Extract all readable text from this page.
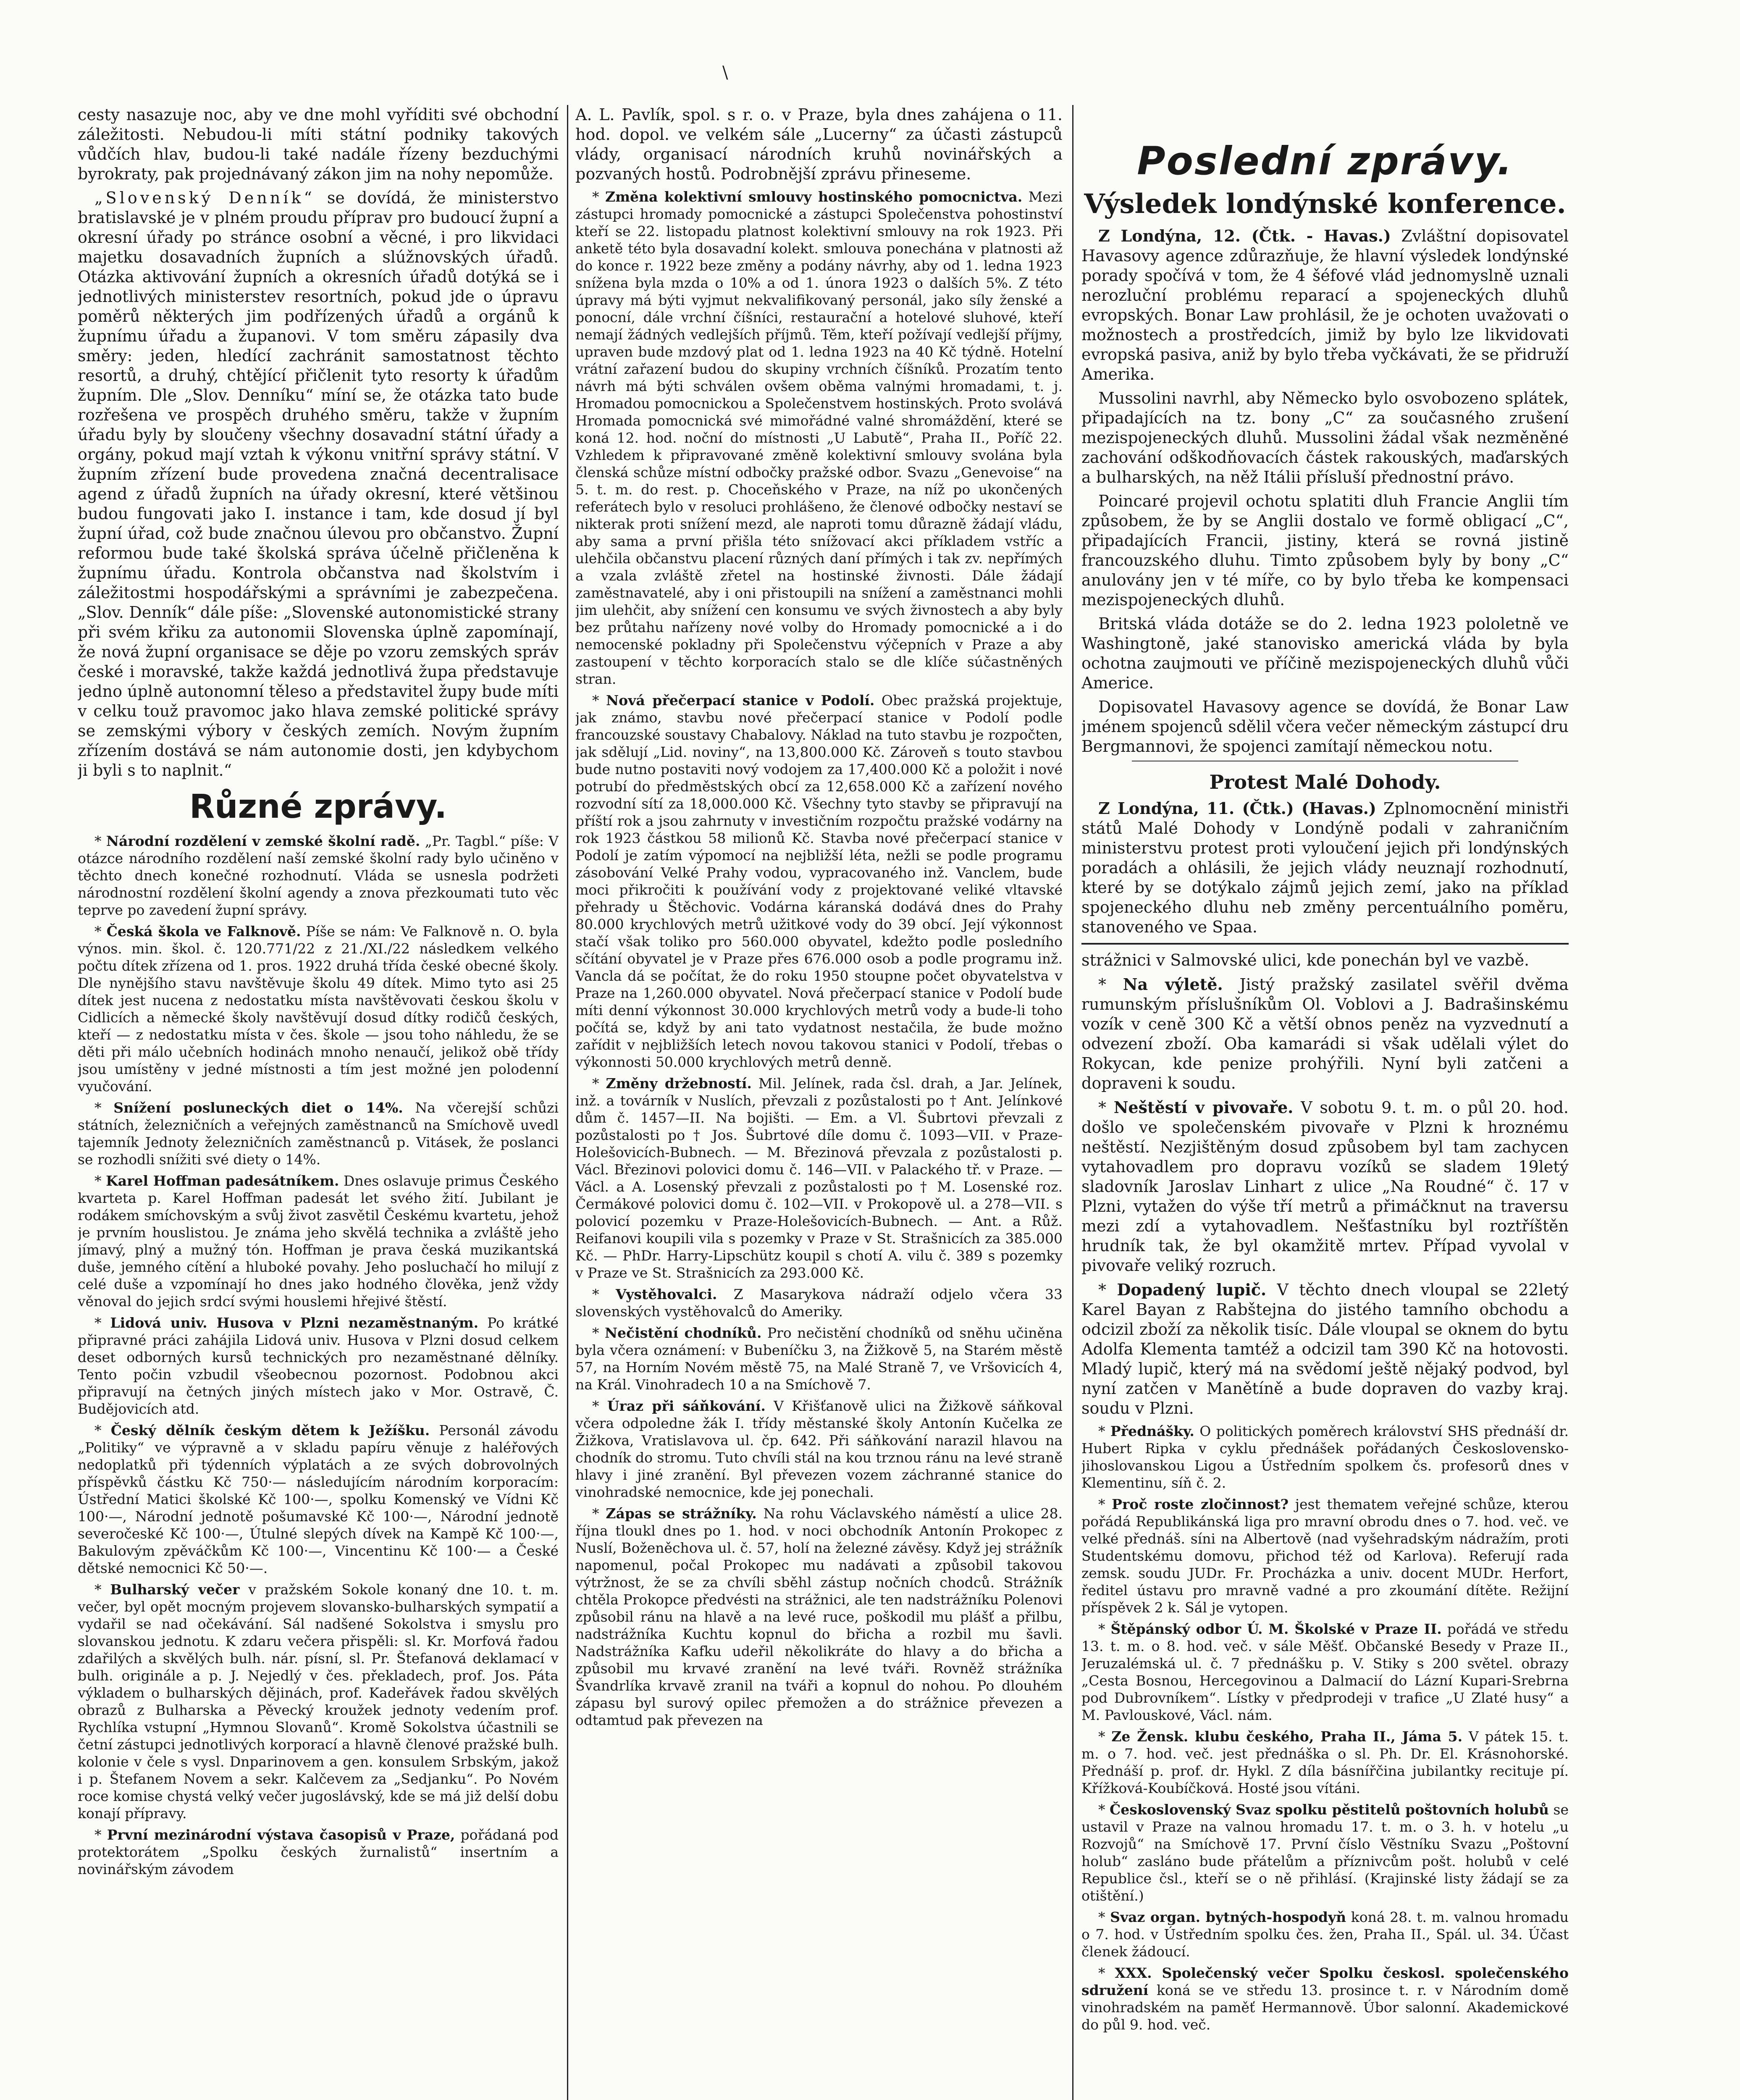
\

cesty nasazuje noc, aby ve dne mohl vyříditi své obchodní záležitosti. Nebudou-li míti státní podniky takových vůdčích hlav, budou-li také nadále řízeny bezduchými byrokraty, pak projednávaný zákon jim na nohy nepomůže.

„Slovenský Denník“ se dovídá, že ministerstvo bratislavské je v plném proudu příprav pro budoucí župní a okresní úřady po stránce osobní a věcné, i pro likvidaci majetku dosavadních župních a slúžnovských úřadů. Otázka aktivování župních a okresních úřadů dotýká se i jednotlivých ministerstev resortních, pokud jde o úpravu poměrů některých jim podřízených úřadů a orgánů k župnímu úřadu a županovi. V tom směru zápasily dva směry: jeden, hledící zachránit samostatnost těchto resortů, a druhý, chtějící přičlenit tyto resorty k úřadům župním. Dle „Slov. Denníku“ míní se, že otázka tato bude rozřešena ve prospěch druhého směru, takže v župním úřadu byly by sloučeny všechny dosavadní státní úřady a orgány, pokud mají vztah k výkonu vnitřní správy státní. V župním zřízení bude provedena značná decentralisace agend z úřadů župních na úřady okresní, které většinou budou fungovati jako I. instance i tam, kde dosud jí byl župní úřad, což bude značnou úlevou pro občanstvo. Župní reformou bude také školská správa účelně přičleněna k župnímu úřadu. Kontrola občanstva nad školstvím i záležitostmi hospodářskými a správními je zabezpečena. „Slov. Denník“ dále píše: „Slovenské autonomistické strany při svém křiku za autonomii Slovenska úplně zapomínají, že nová župní organisace se děje po vzoru zemských správ české i moravské, takže každá jednotlivá župa představuje jedno úplně autonomní těleso a představitel župy bude míti v celku touž pravomoc jako hlava zemské politické správy se zemskými výbory v českých zemích. Novým župním zřízením dostává se nám autonomie dosti, jen kdybychom ji byli s to naplnit.“

Různé zprávy.

* Národní rozdělení v zemské školní radě. „Pr. Tagbl.“ píše: V otázce národního rozdělení naší zemské školní rady bylo učiněno v těchto dnech konečné rozhodnutí. Vláda se usnesla podržeti národnostní rozdělení školní agendy a znova přezkoumati tuto věc teprve po zavedení župní správy.

* Česká škola ve Falknově. Píše se nám: Ve Falknově n. O. byla výnos. min. škol. č. 120.771/22 z 21./XI./22 následkem velkého počtu dítek zřízena od 1. pros. 1922 druhá třída české obecné školy. Dle nynějšího stavu navštěvuje školu 49 dítek. Mimo tyto asi 25 dítek jest nucena z nedostatku místa navštěvovati českou školu v Cidlicích a německé školy navštěvují dosud dítky rodičů českých, kteří — z nedostatku místa v čes. škole — jsou toho náhledu, že se děti při málo učebních hodinách mnoho nenaučí, jelikož obě třídy jsou umístěny v jedné místnosti a tím jest možné jen polodenní vyučování.

* Snížení posluneckých diet o 14%. Na včerejší schůzi státních, železničních a veřejných zaměstnanců na Smíchově uvedl tajemník Jednoty železničních zaměstnanců p. Vitásek, že poslanci se rozhodli snížiti své diety o 14%.

* Karel Hoffman padesátníkem. Dnes oslavuje primus Českého kvarteta p. Karel Hoffman padesát let svého žití. Jubilant je rodákem smíchovským a svůj život zasvětil Českému kvartetu, jehož je prvním houslistou. Je známa jeho skvělá technika a zvláště jeho jímavý, plný a mužný tón. Hoffman je prava česká muzikantská duše, jemného cítění a hluboké povahy. Jeho posluchačí ho milují z celé duše a vzpomínají ho dnes jako hodného člověka, jenž vždy věnoval do jejich srdcí svými houslemi hřejivé štěstí.

* Lidová univ. Husova v Plzni nezaměstnaným. Po krátké připravné práci zahájila Lidová univ. Husova v Plzni dosud celkem deset odborných kursů technických pro nezaměstnané dělníky. Tento počin vzbudil všeobecnou pozornost. Podobnou akci připravují na četných jiných místech jako v Mor. Ostravě, Č. Budějovicích atd.

* Český dělník českým dětem k Ježíšku. Personál závodu „Politiky“ ve výpravně a v skladu papíru věnuje z haléřových nedoplatků při týdenních výplatách a ze svých dobrovolných příspěvků částku Kč 750·— následujícím národním korporacím: Ústřední Matici školské Kč 100·—, spolku Komenský ve Vídni Kč 100·—, Národní jednotě pošumavské Kč 100·—, Národní jednotě severočeské Kč 100·—, Útulné slepých dívek na Kampě Kč 100·—, Bakulovým zpěváčkům Kč 100·—, Vincentinu Kč 100·— a České dětské nemocnici Kč 50·—.

* Bulharský večer v pražském Sokole konaný dne 10. t. m. večer, byl opět mocným projevem slovansko-bulharských sympatií a vydařil se nad očekávání. Sál nadšené Sokolstva i smyslu pro slovanskou jednotu. K zdaru večera přispěli: sl. Kr. Morfová řadou zdařilých a skvělých bulh. nár. písní, sl. Pr. Štefanová deklamací v bulh. originále a p. J. Nejedlý v čes. překladech, prof. Jos. Páta výkladem o bulharských dějinách, prof. Kadeřávek řadou skvělých obrazů z Bulharska a Pěvecký kroužek jednoty vedením prof. Rychlíka vstupní „Hymnou Slovanů“. Kromě Sokolstva účastnili se četní zástupci jednotlivých korporací a hlavně členové pražské bulh. kolonie v čele s vysl. Dnparinovem a gen. konsulem Srbským, jakož i p. Štefanem Novem a sekr. Kalčevem za „Sedjanku“. Po Novém roce komise chystá velký večer jugoslávský, kde se má již delší dobu konají přípravy.

* První mezinárodní výstava časopisů v Praze, pořádaná pod protektorátem „Spolku českých žurnalistů“ insertním a novinářským závodem

A. L. Pavlík, spol. s r. o. v Praze, byla dnes zahájena o 11. hod. dopol. ve velkém sále „Lucerny“ za účasti zástupců vlády, organisací národních kruhů novinářských a pozvaných hostů. Podrobnější zprávu přineseme.

* Změna kolektivní smlouvy hostinského pomocnictva. Mezi zástupci hromady pomocnické a zástupci Společenstva pohostinství kteří se 22. listopadu platnost kolektivní smlouvy na rok 1923. Při anketě této byla dosavadní kolekt. smlouva ponechána v platnosti až do konce r. 1922 beze změny a podány návrhy, aby od 1. ledna 1923 snížena byla mzda o 10% a od 1. února 1923 o dalších 5%. Z této úpravy má býti vyjmut nekvalifikovaný personál, jako síly ženské a ponocní, dále vrchní číšníci, restaurační a hotelové sluhové, kteří nemají žádných vedlejších příjmů. Těm, kteří požívají vedlejší příjmy, upraven bude mzdový plat od 1. ledna 1923 na 40 Kč týdně. Hotelní vrátní zařazení budou do skupiny vrchních číšníků. Prozatím tento návrh má býti schválen ovšem oběma valnými hromadami, t. j. Hromadou pomocnickou a Společenstvem hostinských. Proto svolává Hromada pomocnická své mimořádné valné shromáždění, které se koná 12. hod. noční do místnosti „U Labutě“, Praha II., Poříč 22. Vzhledem k připravované změně kolektivní smlouvy svolána byla členská schůze místní odbočky pražské odbor. Svazu „Genevoise“ na 5. t. m. do rest. p. Choceňského v Praze, na níž po ukončených referátech bylo v resoluci prohlášeno, že členové odbočky nestaví se nikterak proti snížení mezd, ale naproti tomu důrazně žádají vládu, aby sama a první přišla této snížovací akci příkladem vstříc a ulehčila občanstvu placení různých daní přímých i tak zv. nepřímých a vzala zvláště zřetel na hostinské živnosti. Dále žádají zaměstnavatelé, aby i oni přistoupili na snížení a zaměstnanci mohli jim ulehčit, aby snížení cen konsumu ve svých živnostech a aby byly bez průtahu nařízeny nové volby do Hromady pomocnické a i do nemocenské pokladny při Společenstvu výčepních v Praze a aby zastoupení v těchto korporacích stalo se dle klíče súčastněných stran.

* Nová přečerpací stanice v Podolí. Obec pražská projektuje, jak známo, stavbu nové přečerpací stanice v Podolí podle francouzské soustavy Chabalovy. Náklad na tuto stavbu je rozpočten, jak sdělují „Lid. noviny“, na 13,800.000 Kč. Zároveň s touto stavbou bude nutno postaviti nový vodojem za 17,400.000 Kč a položit i nové potrubí do předměstských obcí za 12,658.000 Kč a zařízení nového rozvodní sítí za 18,000.000 Kč. Všechny tyto stavby se připravují na příští rok a jsou zahrnuty v investičním rozpočtu pražské vodárny na rok 1923 částkou 58 milionů Kč. Stavba nové přečerpací stanice v Podolí je zatím výpomocí na nejbližší léta, nežli se podle programu zásobování Velké Prahy vodou, vypracovaného inž. Vanclem, bude moci přikročiti k používání vody z projektované veliké vltavské přehrady u Štěchovic. Vodárna káranská dodává dnes do Prahy 80.000 krychlových metrů užitkové vody do 39 obcí. Její výkonnost stačí však toliko pro 560.000 obyvatel, kdežto podle posledního sčítání obyvatel je v Praze přes 676.000 osob a podle programu inž. Vancla dá se počítat, že do roku 1950 stoupne počet obyvatelstva v Praze na 1,260.000 obyvatel. Nová přečerpací stanice v Podolí bude míti denní výkonnost 30.000 krychlových metrů vody a bude-li toho počítá se, když by ani tato vydatnost nestačila, že bude možno zařídit v nejbližších letech novou takovou stanici v Podolí, třebas o výkonnosti 50.000 krychlových metrů denně.

* Změny držebností. Mil. Jelínek, rada čsl. drah, a Jar. Jelínek, inž. a továrník v Nuslích, převzali z pozůstalosti po † Ant. Jelínkové dům č. 1457—II. Na bojišti. — Em. a Vl. Šubrtovi převzali z pozůstalosti po † Jos. Šubrtové díle domu č. 1093—VII. v Praze-Holešovicích-Bubnech. — M. Březinová převzala z pozůstalosti p. Václ. Březinovi polovici domu č. 146—VII. v Palackého tř. v Praze. — Václ. a A. Losenský převzali z pozůstalosti po † M. Losenské roz. Čermákové polovici domu č. 102—VII. v Prokopově ul. a 278—VII. s polovicí pozemku v Praze-Holešovicích-Bubnech. — Ant. a Růž. Reifanovi koupili vila s pozemky v Praze v St. Strašnicích za 385.000 Kč. — PhDr. Harry-Lipschütz koupil s chotí A. vilu č. 389 s pozemky v Praze ve St. Strašnicích za 293.000 Kč.

* Vystěhovalci. Z Masarykova nádraží odjelo včera 33 slovenských vystěhovalců do Ameriky.

* Nečistění chodníků. Pro nečistění chodníků od sněhu učiněna byla včera oznámení: v Bubeníčku 3, na Žižkově 5, na Starém městě 57, na Horním Novém městě 75, na Malé Straně 7, ve Vršovicích 4, na Král. Vinohradech 10 a na Smíchově 7.

* Úraz při sáňkování. V Křišťanově ulici na Žižkově sáňkoval včera odpoledne žák I. třídy městanské školy Antonín Kučelka ze Žižkova, Vratislavova ul. čp. 642. Při sáňkování narazil hlavou na chodník do stromu. Tuto chvíli stál na kou trznou ránu na levé straně hlavy i jiné zranění. Byl převezen vozem záchranné stanice do vinohradské nemocnice, kde jej ponechali.

* Zápas se strážníky. Na rohu Václavského náměstí a ulice 28. října tloukl dnes po 1. hod. v noci obchodník Antonín Prokopec z Nuslí, Boženěchova ul. č. 57, holí na železné závěsy. Když jej strážník napomenul, počal Prokopec mu nadávati a způsobil takovou výtržnost, že se za chvíli sběhl zástup nočních chodců. Strážník chtěla Prokopce předvésti na strážnici, ale ten nadstrážníku Polenovi způsobil ránu na hlavě a na levé ruce, poškodil mu plášť a přilbu, nadstrážníka Kuchtu kopnul do břicha a rozbil mu šavli. Nadstrážníka Kafku udeřil několikráte do hlavy a do břicha a způsobil mu krvavé zranění na levé tváři. Rovněž strážníka Švandrlíka krvavě zranil na tváři a kopnul do nohou. Po dlouhém zápasu byl surový opilec přemožen a do strážnice převezen a odtamtud pak převezen na

Poslední zprávy.
Výsledek londýnské konference.

Z Londýna, 12. (Čtk. - Havas.) Zvláštní dopisovatel Havasovy agence zdůrazňuje, že hlavní výsledek londýnské porady spočívá v tom, že 4 šéfové vlád jednomyslně uznali nerozluční problému reparací a spojeneckých dluhů evropských. Bonar Law prohlásil, že je ochoten uvažovati o možnostech a prostředcích, jimiž by bylo lze likvidovati evropská pasiva, aniž by bylo třeba vyčkávati, že se přidruží Amerika.

Mussolini navrhl, aby Německo bylo osvobozeno splátek, připadajících na tz. bony „C“ za současného zrušení mezispojeneckých dluhů. Mussolini žádal však nezměněné zachování odškodňovacích částek rakouských, maďarských a bulharských, na něž Itálii přísluší přednostní právo.

Poincaré projevil ochotu splatiti dluh Francie Anglii tím způsobem, že by se Anglii dostalo ve formě obligací „C“, připadajících Francii, jistiny, která se rovná jistině francouzského dluhu. Timto způsobem byly by bony „C“ anulovány jen v té míře, co by bylo třeba ke kompensaci mezispojeneckých dluhů.

Britská vláda dotáže se do 2. ledna 1923 pololetně ve Washingtoně, jaké stanovisko americká vláda by byla ochotna zaujmouti ve příčině mezispojeneckých dluhů vůči Americe.

Dopisovatel Havasovy agence se dovídá, že Bonar Law jménem spojenců sdělil včera večer německým zástupcí dru Bergmannovi, že spojenci zamítají německou notu.

Protest Malé Dohody.

Z Londýna, 11. (Čtk.) (Havas.) Zplnomocnění ministři států Malé Dohody v Londýně podali v zahraničním ministerstvu protest proti vyloučení jejich při londýnských poradách a ohlásili, že jejich vlády neuznají rozhodnutí, které by se dotýkalo zájmů jejich zemí, jako na příklad spojeneckého dluhu neb změny percentuálního poměru, stanoveného ve Spaa.

strážnici v Salmovské ulici, kde ponechán byl ve vazbě.

* Na výletě. Jistý pražský zasilatel svěřil dvěma rumunským příslušníkům Ol. Voblovi a J. Badrašinskému vozík v ceně 300 Kč a větší obnos peněz na vyzvednutí a odvezení zboží. Oba kamarádi si však udělali výlet do Rokycan, kde penize prohýřili. Nyní byli zatčeni a dopraveni k soudu.

* Neštěstí v pivovaře. V sobotu 9. t. m. o půl 20. hod. došlo ve společenském pivovaře v Plzni k hroznému neštěstí. Nezjištěným dosud způsobem byl tam zachycen vytahovadlem pro dopravu vozíků se sladem 19letý sladovník Jaroslav Linhart z ulice „Na Roudné“ č. 17 v Plzni, vytažen do výše tří metrů a přimáčknut na traversu mezi zdí a vytahovadlem. Nešťastníku byl roztříštěn hrudník tak, že byl okamžitě mrtev. Případ vyvolal v pivovaře veliký rozruch.

* Dopadený lupič. V těchto dnech vloupal se 22letý Karel Bayan z Rabštejna do jistého tamního obchodu a odcizil zboží za několik tisíc. Dále vloupal se oknem do bytu Adolfa Klementa tamtéž a odcizil tam 390 Kč na hotovosti. Mladý lupič, který má na svědomí ještě nějaký podvod, byl nyní zatčen v Manětíně a bude dopraven do vazby kraj. soudu v Plzni.

* Přednášky. O politických poměrech království SHS přednáší dr. Hubert Ripka v cyklu přednášek pořádaných Československo-jihoslovanskou Ligou a Ústředním spolkem čs. profesorů dnes v Klementinu, síň č. 2.

* Proč roste zločinnost? jest thematem veřejné schůze, kterou pořádá Republikánská liga pro mravní obrodu dnes o 7. hod. več. ve velké přednáš. síni na Albertově (nad vyšehradským nádražím, proti Studentskému domovu, přichod též od Karlova). Referují rada zemsk. soudu JUDr. Fr. Procházka a univ. docent MUDr. Herfort, ředitel ústavu pro mravně vadné a pro zkoumání dítěte. Režijní příspěvek 2 k. Sál je vytopen.

* Štěpánský odbor Ú. M. Školské v Praze II. pořádá ve středu 13. t. m. o 8. hod. več. v sále Měšť. Občanské Besedy v Praze II., Jeruzalémská ul. č. 7 přednášku p. V. Stiky s 200 světel. obrazy „Cesta Bosnou, Hercegovinou a Dalmacií do Lázní Kupari-Srebrna pod Dubrovníkem“. Lístky v předprodeji v trafice „U Zlaté husy“ a M. Pavlouskové, Václ. nám.

* Ze Žensk. klubu českého, Praha II., Jáma 5. V pátek 15. t. m. o 7. hod. več. jest přednáška o sl. Ph. Dr. El. Krásnohorské. Přednáší p. prof. dr. Hykl. Z díla básnířčina jubilantky recituje pí. Křížková-Koubíčková. Hosté jsou vítáni.

* Československý Svaz spolku pěstitelů poštovních holubů se ustavil v Praze na valnou hromadu 17. t. m. o 3. h. v hotelu „u Rozvojů“ na Smíchově 17. První číslo Věstníku Svazu „Poštovní holub“ zasláno bude přátelům a příznivcům pošt. holubů v celé Republice čsl., kteří se o ně přihlásí. (Krajinské listy žádají se za otištění.)

* Svaz organ. bytných-hospodyň koná 28. t. m. valnou hromadu o 7. hod. v Ústředním spolku čes. žen, Praha II., Spál. ul. 34. Účast členek žádoucí.

* XXX. Společenský večer Spolku českosl. společenského sdružení koná se ve středu 13. prosince t. r. v Národním domě vinohradském na paměť Hermannově. Úbor salonní. Akademickové do půl 9. hod. več.
